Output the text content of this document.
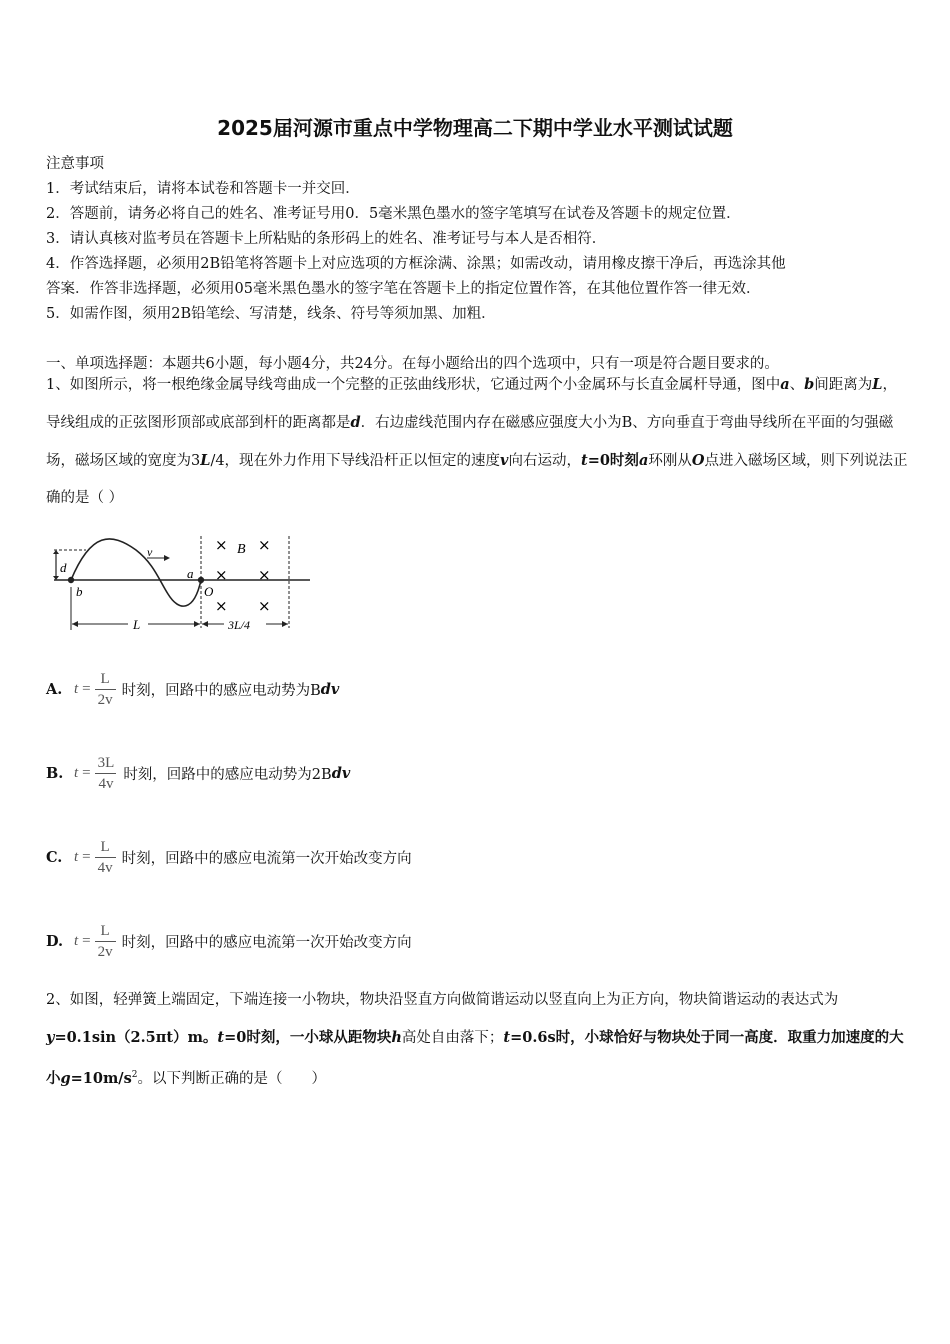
2025届河源市重点中学物理高二下期中学业水平测试试题
注意事项
1．考试结束后，请将本试卷和答题卡一并交回．
2．答题前，请务必将自己的姓名、准考证号用0．5毫米黑色墨水的签字笔填写在试卷及答题卡的规定位置．
3．请认真核对监考员在答题卡上所粘贴的条形码上的姓名、准考证号与本人是否相符．
4．作答选择题，必须用2B铅笔将答题卡上对应选项的方框涂满、涂黑；如需改动，请用橡皮擦干净后，再选涂其他
答案．作答非选择题，必须用05毫米黑色墨水的签字笔在答题卡上的指定位置作答，在其他位置作答一律无效．
5．如需作图，须用2B铅笔绘、写清楚，线条、符号等须加黑、加粗．
一、单项选择题：本题共6小题，每小题4分，共24分。在每小题给出的四个选项中，只有一项是符合题目要求的。
1、如图所示，将一根绝缘金属导线弯曲成一个完整的正弦曲线形状，它通过两个小金属环与长直金属杆导通，图中a、b间距离为L，导线组成的正弦图形顶部或底部到杆的距离都是d．右边虚线范围内存在磁感应强度大小为B、方向垂直于弯曲导线所在平面的匀强磁场，磁场区域的宽度为3L/4，现在外力作用下导线沿杆正以恒定的速度v向右运动，t=0时刻a环刚从O点进入磁场区域，则下列说法正确的是（ ）
d
v
b
a
O
× B ×
× ×
× ×
L	3L/4
A. $t = \frac{L}{2v}$ 时刻，回路中的感应电动势为B dv
B. $t = \frac{3L}{4v}$ 时刻，回路中的感应电动势为2B dv
C. $t = \frac{L}{4v}$ 时刻，回路中的感应电流第一次开始改变方向
D. $t = \frac{L}{2v}$ 时刻，回路中的感应电流第一次开始改变方向
2、如图，轻弹簧上端固定，下端连接一小物块，物块沿竖直方向做简谐运动以竖直向上为正方向，物块简谐运动的表达式为y=0.1sin（2.5πt）m。t=0时刻，一小球从距物块h高处自由落下；t=0.6s时，小球恰好与物块处于同一高度．取重力加速度的大小$g=10m/s^2$。以下判断正确的是（　　）
